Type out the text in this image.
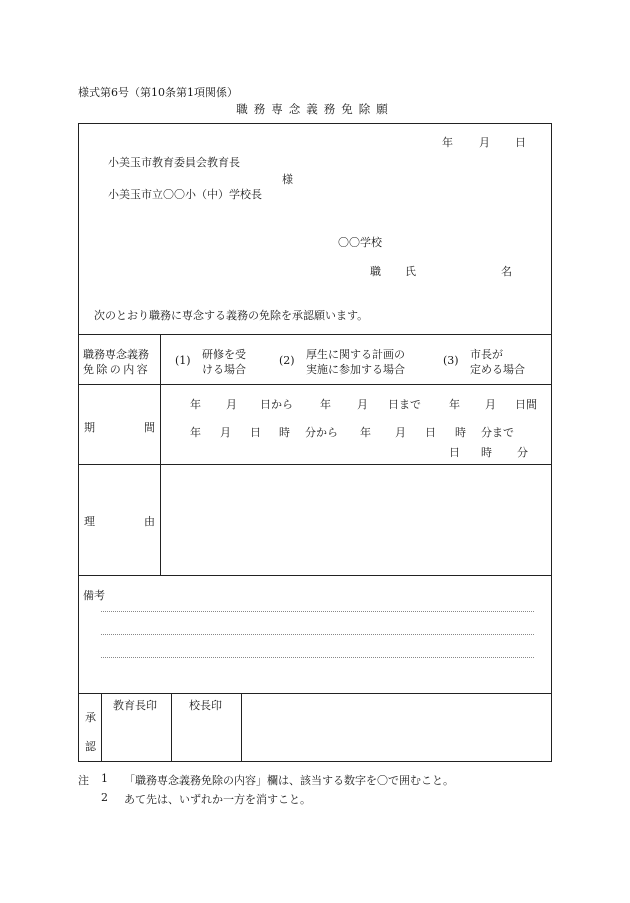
様式第6号（第10条第1項関係）
職務専念義務免除願
年 月 日
小美玉市教育委員会教育長
様
小美玉市立〇〇小（中）学校長
〇〇学校
職 氏	名
次のとおり職務に専念する義務の免除を承認願います。
職務専念義務
免除の内容
(1) 研修を受
ける場合
(2) 厚生に関する計画の
実施に参加する場合
(3) 市長が
定める場合
期	間
年 月 日から 年 月 日まで	年 月 日間
年 月 日 時 分から 年 月 日 時 分まで
日 時 分
理	由
備考
承
認
教育長印	校長印
注 1 「職務専念義務免除の内容」欄は、該当する数字を〇で囲むこと。
2 あて先は、いずれか一方を消すこと。
